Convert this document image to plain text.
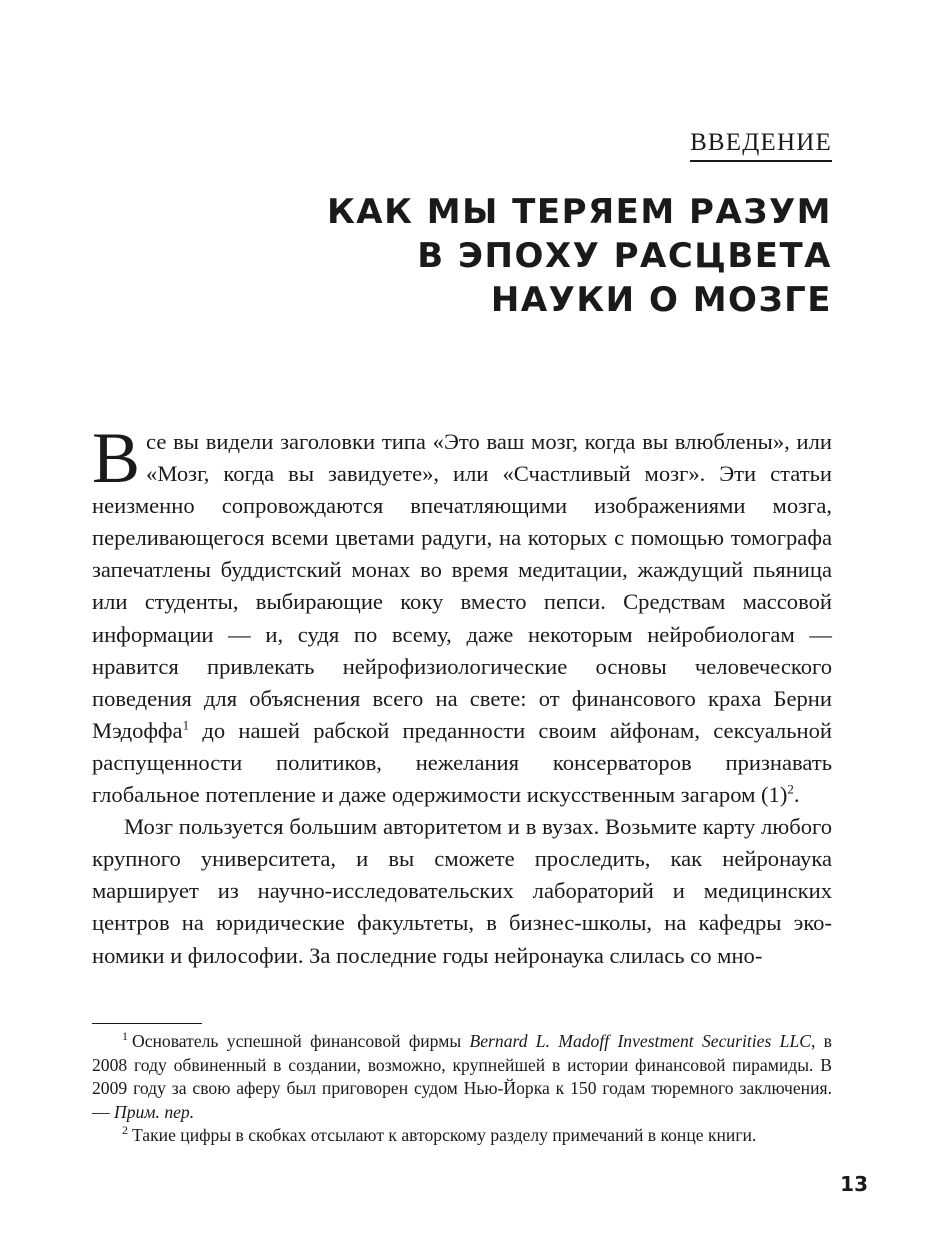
ВВЕДЕНИЕ
КАК МЫ ТЕРЯЕМ РАЗУМ
В ЭПОХУ РАСЦВЕТА
НАУКИ О МОЗГЕ

Все вы видели заголовки типа «Это ваш мозг, когда вы влюблены», или «Мозг, когда вы завидуете», или «Счастливый мозг». Эти статьи неизменно сопровождаются впечатляющими изображениями мозга, переливающегося всеми цветами радуги, на которых с помощью томографа запечатлены буддистский монах во время медитации, жаждущий пьяница или студенты, выбирающие коку вместо пепси. Средствам массовой информации — и, судя по всему, даже некоторым нейробиологам — нравится привлекать нейрофизиологические основы человеческого поведения для объяснения всего на свете: от финансового краха Берни Мэдоффа$^1$ до нашей рабской преданности своим айфонам, сексуальной распущенности политиков, нежелания консерваторов признавать глобальное потепление и даже одержимости искусственным загаром $(1)^2$.

Мозг пользуется большим авторитетом и в вузах. Возьмите карту любого крупного университета, и вы сможете проследить, как нейронаука марширует из научно-исследовательских лабораторий и медицинских центров на юридические факультеты, в бизнес-школы, на кафедры экономики и философии. За последние годы нейронаука слилась со мно-

$^1$ Основатель успешной финансовой фирмы Bernard L. Madoff Investment Securities LLC, в 2008 году обвиненный в создании, возможно, крупнейшей в истории финансовой пирамиды. В 2009 году за свою аферу был приговорен судом Нью-Йорка к 150 годам тюремного заключения. — Прим. пер.

$^2$ Такие цифры в скобках отсылают к авторскому разделу примечаний в конце книги.

13
